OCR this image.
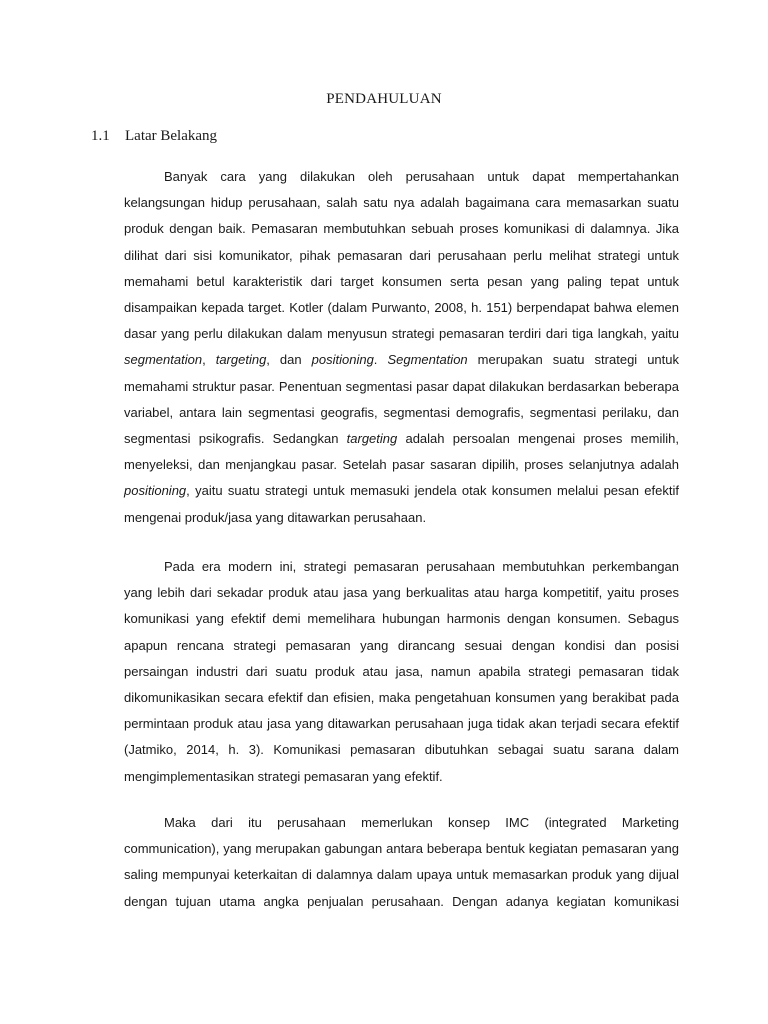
PENDAHULUAN
1.1 Latar Belakang
Banyak cara yang dilakukan oleh perusahaan untuk dapat mempertahankan
kelangsungan hidup perusahaan, salah satu nya adalah bagaimana cara memasarkan suatu
produk dengan baik. Pemasaran membutuhkan sebuah proses komunikasi di dalamnya. Jika
dilihat dari sisi komunikator, pihak pemasaran dari perusahaan perlu melihat strategi untuk
memahami betul karakteristik dari target konsumen serta pesan yang paling tepat untuk
disampaikan kepada target. Kotler (dalam Purwanto, 2008, h. 151) berpendapat bahwa elemen
dasar yang perlu dilakukan dalam menyusun strategi pemasaran terdiri dari tiga langkah, yaitu
segmentation, targeting, dan positioning. Segmentation merupakan suatu strategi untuk
memahami struktur pasar. Penentuan segmentasi pasar dapat dilakukan berdasarkan beberapa
variabel, antara lain segmentasi geografis, segmentasi demografis, segmentasi perilaku, dan
segmentasi psikografis. Sedangkan targeting adalah persoalan mengenai proses memilih,
menyeleksi, dan menjangkau pasar. Setelah pasar sasaran dipilih, proses selanjutnya adalah
positioning, yaitu suatu strategi untuk memasuki jendela otak konsumen melalui pesan efektif
mengenai produk/jasa yang ditawarkan perusahaan.
Pada era modern ini, strategi pemasaran perusahaan membutuhkan perkembangan
yang lebih dari sekadar produk atau jasa yang berkualitas atau harga kompetitif, yaitu proses
komunikasi yang efektif demi memelihara hubungan harmonis dengan konsumen. Sebagus
apapun rencana strategi pemasaran yang dirancang sesuai dengan kondisi dan posisi
persaingan industri dari suatu produk atau jasa, namun apabila strategi pemasaran tidak
dikomunikasikan secara efektif dan efisien, maka pengetahuan konsumen yang berakibat pada
permintaan produk atau jasa yang ditawarkan perusahaan juga tidak akan terjadi secara efektif
(Jatmiko, 2014, h. 3). Komunikasi pemasaran dibutuhkan sebagai suatu sarana dalam
mengimplementasikan strategi pemasaran yang efektif.
Maka dari itu perusahaan memerlukan konsep IMC (integrated Marketing
communication), yang merupakan gabungan antara beberapa bentuk kegiatan pemasaran yang
saling mempunyai keterkaitan di dalamnya dalam upaya untuk memasarkan produk yang dijual
dengan tujuan utama angka penjualan perusahaan. Dengan adanya kegiatan komunikasi
